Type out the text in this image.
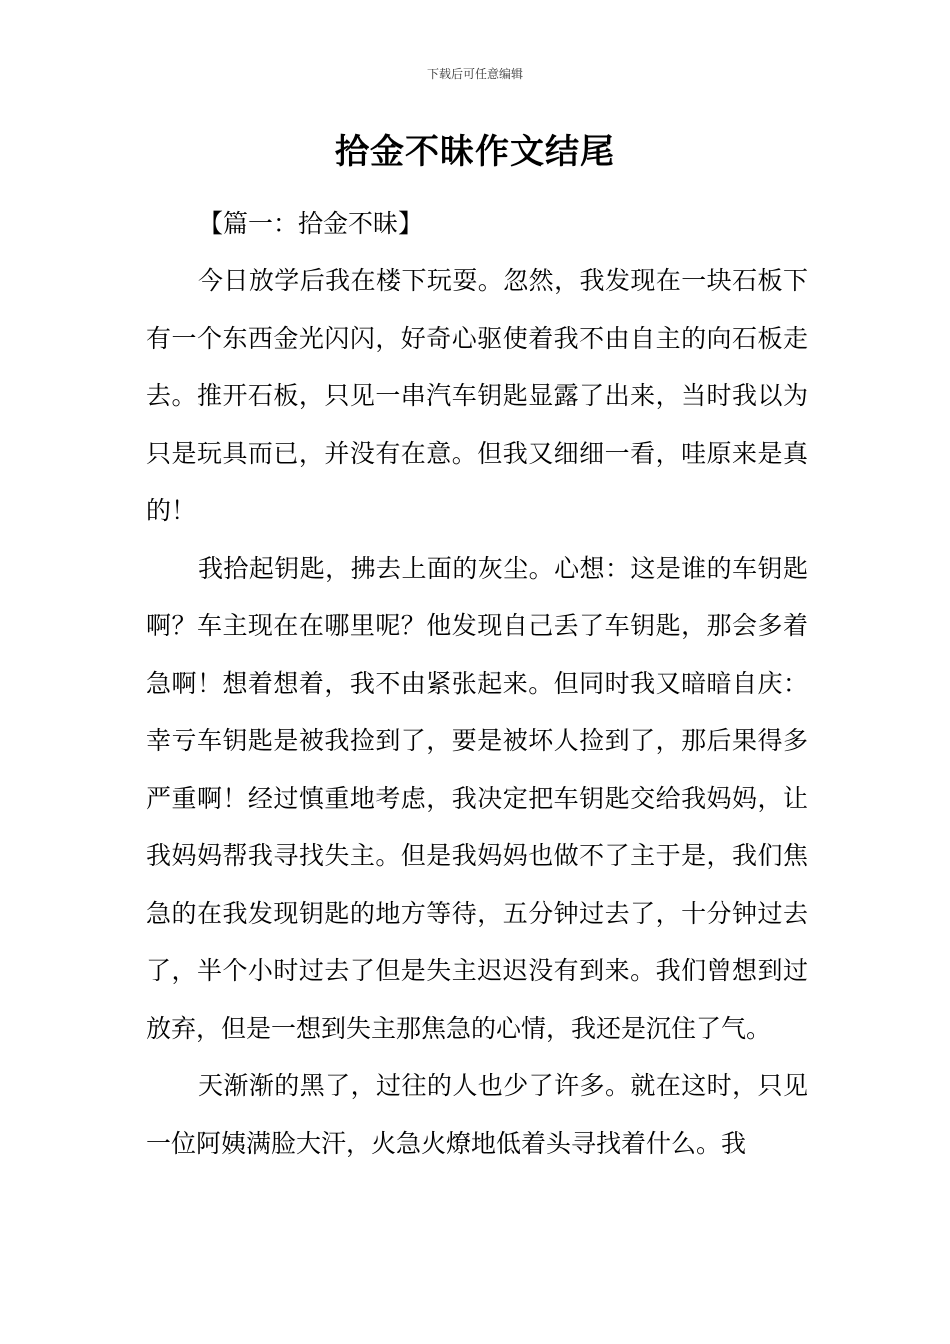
下载后可任意编辑
拾金不昧作文结尾
【篇一：拾金不昧】

今日放学后我在楼下玩耍。忽然，我发现在一块石板下有一个东西金光闪闪，好奇心驱使着我不由自主的向石板走去。推开石板，只见一串汽车钥匙显露了出来，当时我以为只是玩具而已，并没有在意。但我又细细一看，哇原来是真的！

我拾起钥匙，拂去上面的灰尘。心想：这是谁的车钥匙啊？车主现在在哪里呢？他发现自己丢了车钥匙，那会多着急啊！想着想着，我不由紧张起来。但同时我又暗暗自庆：幸亏车钥匙是被我捡到了，要是被坏人捡到了，那后果得多严重啊！经过慎重地考虑，我决定把车钥匙交给我妈妈，让我妈妈帮我寻找失主。但是我妈妈也做不了主于是，我们焦急的在我发现钥匙的地方等待，五分钟过去了，十分钟过去了，半个小时过去了但是失主迟迟没有到来。我们曾想到过放弃，但是一想到失主那焦急的心情，我还是沉住了气。

天渐渐的黑了，过往的人也少了许多。就在这时，只见一位阿姨满脸大汗，火急火燎地低着头寻找着什么。我
